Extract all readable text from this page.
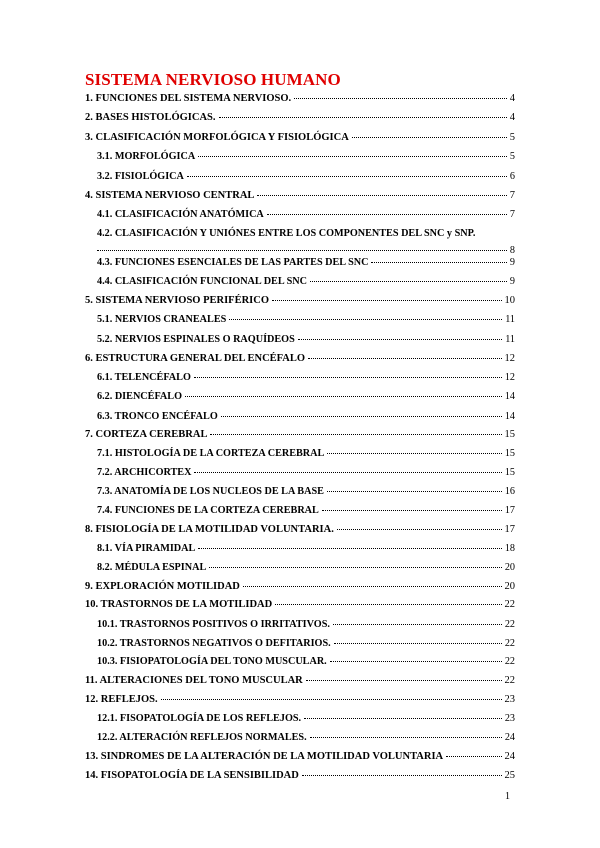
SISTEMA NERVIOSO HUMANO
1. FUNCIONES DEL SISTEMA NERVIOSO.	4
2. BASES HISTOLÓGICAS.	4
3. CLASIFICACIÓN MORFOLÓGICA Y FISIOLÓGICA	5
3.1. MORFOLÓGICA	5
3.2. FISIOLÓGICA	6
4. SISTEMA NERVIOSO CENTRAL	7
4.1. CLASIFICACIÓN ANATÓMICA	7
4.2. CLASIFICACIÓN Y UNIÓNES ENTRE LOS COMPONENTES DEL SNC y SNP.
8
4.3. FUNCIONES ESENCIALES DE LAS PARTES DEL SNC	9
4.4. CLASIFICACIÓN FUNCIONAL DEL SNC	9
5. SISTEMA NERVIOSO PERIFÉRICO	10
5.1. NERVIOS CRANEALES	11
5.2. NERVIOS ESPINALES O RAQUÍDEOS	11
6. ESTRUCTURA GENERAL DEL ENCÉFALO	12
6.1. TELENCÉFALO	12
6.2. DIENCÉFALO	14
6.3. TRONCO ENCÉFALO	14
7. CORTEZA CEREBRAL	15
7.1. HISTOLOGÍA DE LA CORTEZA CEREBRAL	15
7.2. ARCHICORTEX	15
7.3. ANATOMÍA DE LOS NUCLEOS DE LA BASE	16
7.4. FUNCIONES DE LA CORTEZA CEREBRAL	17
8. FISIOLOGÍA DE LA MOTILIDAD VOLUNTARIA.	17
8.1. VÍA PIRAMIDAL	18
8.2. MÉDULA ESPINAL	20
9. EXPLORACIÓN MOTILIDAD	20
10. TRASTORNOS DE LA MOTILIDAD	22
10.1. TRASTORNOS POSITIVOS O IRRITATIVOS.	22
10.2. TRASTORNOS NEGATIVOS O DEFITARIOS.	22
10.3. FISIOPATOLOGÍA DEL TONO MUSCULAR.	22
11. ALTERACIONES DEL TONO MUSCULAR	22
12. REFLEJOS.	23
12.1. FISOPATOLOGÍA DE LOS REFLEJOS.	23
12.2. ALTERACIÓN REFLEJOS NORMALES.	24
13. SINDROMES DE LA ALTERACIÓN DE LA MOTILIDAD VOLUNTARIA	24
14. FISOPATOLOGÍA DE LA SENSIBILIDAD	25
1
